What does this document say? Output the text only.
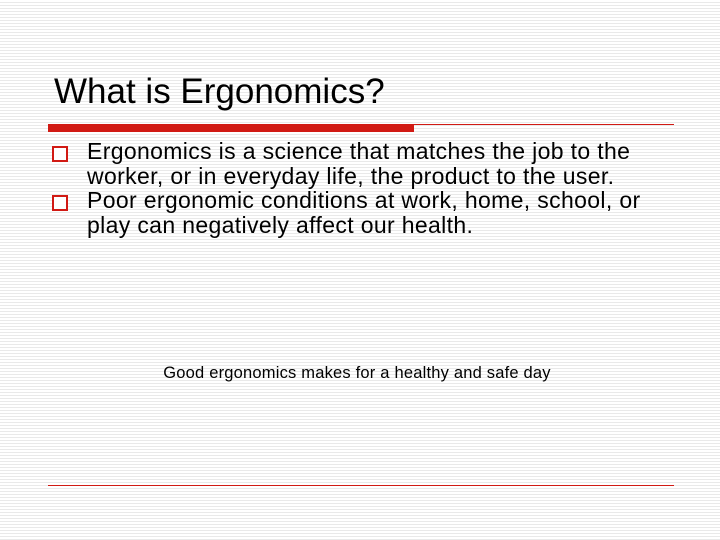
What is Ergonomics?
Ergonomics is a science that matches the job to the worker, or in everyday life, the product to the user.
Poor ergonomic conditions at work, home, school, or play can negatively affect our health.
Good ergonomics makes for a healthy and safe day
